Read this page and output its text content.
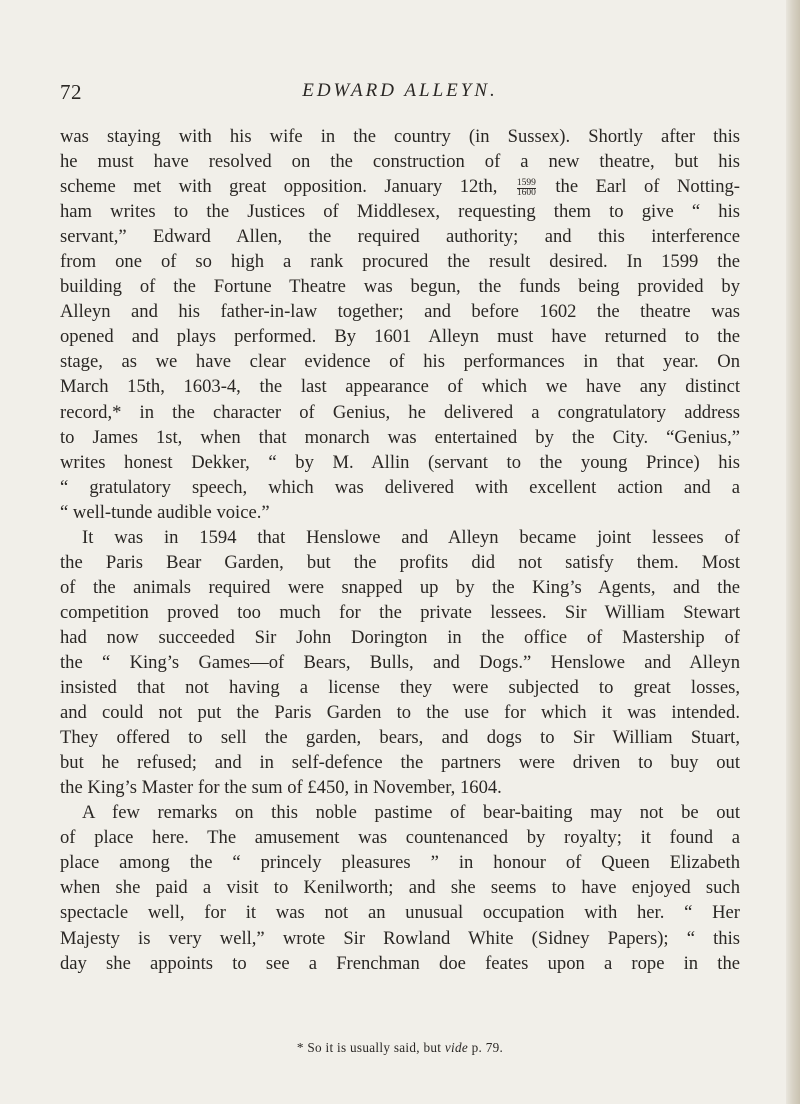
72	EDWARD ALLEYN.
was staying with his wife in the country (in Sussex). Shortly after this
he must have resolved on the construction of a new theatre, but his
scheme met with great opposition. January 12th, $\frac{1599}{1600}$ the Earl of Notting-
ham writes to the Justices of Middlesex, requesting them to give “ his
servant,” Edward Allen, the required authority; and this interference
from one of so high a rank procured the result desired. In 1599 the
building of the Fortune Theatre was begun, the funds being provided by
Alleyn and his father-in-law together; and before 1602 the theatre was
opened and plays performed. By 1601 Alleyn must have returned to the
stage, as we have clear evidence of his performances in that year. On
March 15th, 1603-4, the last appearance of which we have any distinct
record,* in the character of Genius, he delivered a congratulatory address
to James 1st, when that monarch was entertained by the City. “Genius,”
writes honest Dekker, “ by M. Allin (servant to the young Prince) his
“ gratulatory speech, which was delivered with excellent action and a
“ well-tunde audible voice.”
It was in 1594 that Henslowe and Alleyn became joint lessees of
the Paris Bear Garden, but the profits did not satisfy them. Most
of the animals required were snapped up by the King’s Agents, and the
competition proved too much for the private lessees. Sir William Stewart
had now succeeded Sir John Dorington in the office of Mastership of
the “ King’s Games—of Bears, Bulls, and Dogs.” Henslowe and Alleyn
insisted that not having a license they were subjected to great losses,
and could not put the Paris Garden to the use for which it was intended.
They offered to sell the garden, bears, and dogs to Sir William Stuart,
but he refused; and in self-defence the partners were driven to buy out
the King’s Master for the sum of £450, in November, 1604.
A few remarks on this noble pastime of bear-baiting may not be out
of place here. The amusement was countenanced by royalty; it found a
place among the “ princely pleasures ” in honour of Queen Elizabeth
when she paid a visit to Kenilworth; and she seems to have enjoyed such
spectacle well, for it was not an unusual occupation with her. “ Her
Majesty is very well,” wrote Sir Rowland White (Sidney Papers); “ this
day she appoints to see a Frenchman doe feates upon a rope in the
* So it is usually said, but vide p. 79.
